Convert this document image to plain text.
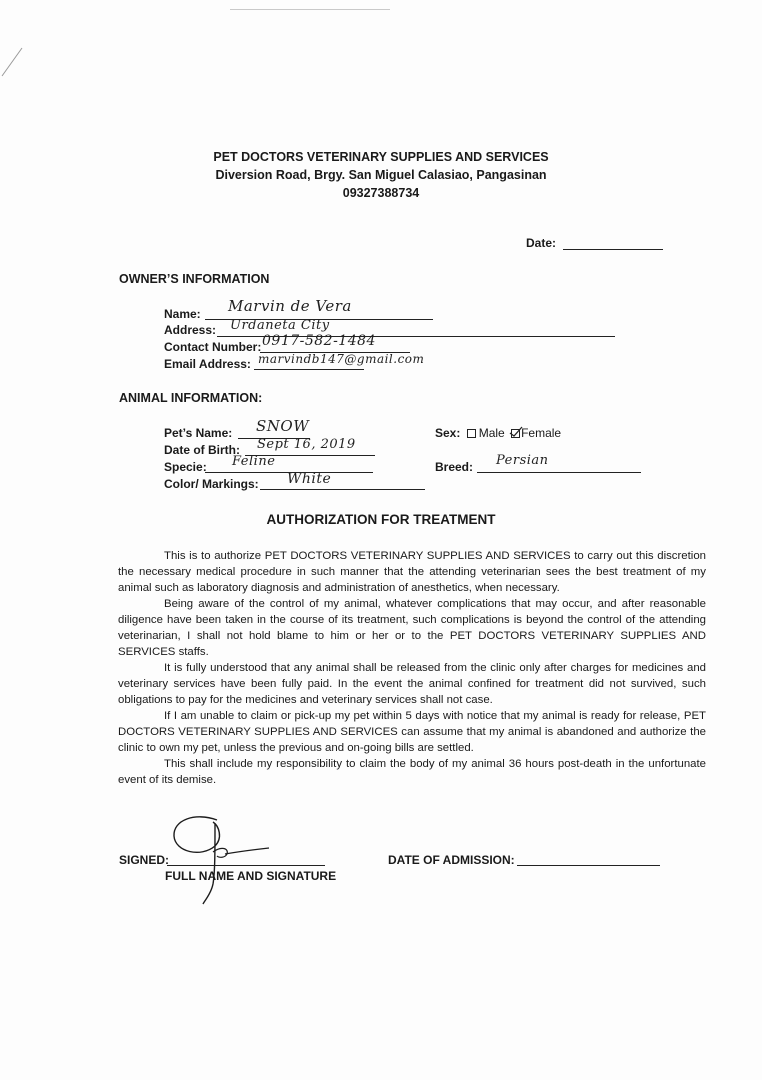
PET DOCTORS VETERINARY SUPPLIES AND SERVICES
Diversion Road, Brgy. San Miguel Calasiao, Pangasinan
09327388734
Date:
OWNER’S INFORMATION
Name: Marvin de Vera
Address: Urdaneta City
Contact Number: 0917-582-1484
Email Address: marvindb147@gmail.com
ANIMAL INFORMATION:
Pet’s Name: SNOW
Date of Birth: Sept 16, 2019
Specie: Feline
Color/ Markings: White
Sex: Male Female
Breed: Persian
AUTHORIZATION FOR TREATMENT

This is to authorize PET DOCTORS VETERINARY SUPPLIES AND SERVICES to carry out this discretion the necessary medical procedure in such manner that the attending veterinarian sees the best treatment of my animal such as laboratory diagnosis and administration of anesthetics, when necessary.

Being aware of the control of my animal, whatever complications that may occur, and after reasonable diligence have been taken in the course of its treatment, such complications is beyond the control of the attending veterinarian, I shall not hold blame to him or her or to the PET DOCTORS VETERINARY SUPPLIES AND SERVICES staffs.

It is fully understood that any animal shall be released from the clinic only after charges for medicines and veterinary services have been fully paid. In the event the animal confined for treatment did not survived, such obligations to pay for the medicines and veterinary services shall not case.

If I am unable to claim or pick-up my pet within 5 days with notice that my animal is ready for release, PET DOCTORS VETERINARY SUPPLIES AND SERVICES can assume that my animal is abandoned and authorize the clinic to own my pet, unless the previous and on-going bills are settled.

This shall include my responsibility to claim the body of my animal 36 hours post-death in the unfortunate event of its demise.

SIGNED:
FULL NAME AND SIGNATURE
DATE OF ADMISSION:
